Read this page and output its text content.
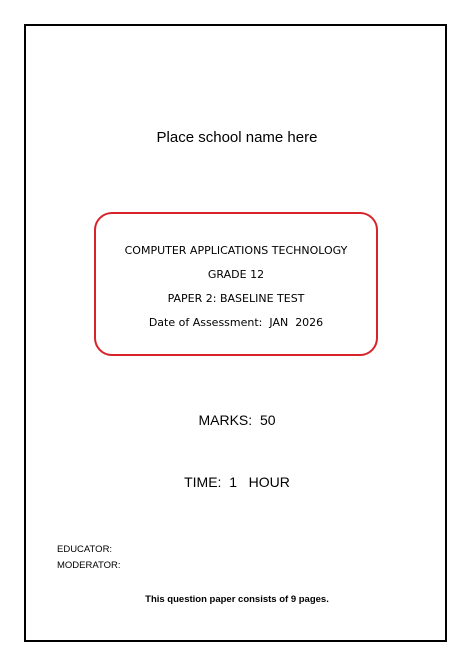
Place school name here
COMPUTER APPLICATIONS TECHNOLOGY
GRADE 12
PAPER 2: BASELINE TEST
Date of Assessment: JAN  2026
MARKS: 50
TIME: 1   HOUR
EDUCATOR:
MODERATOR:
This question paper consists of 9 pages.
